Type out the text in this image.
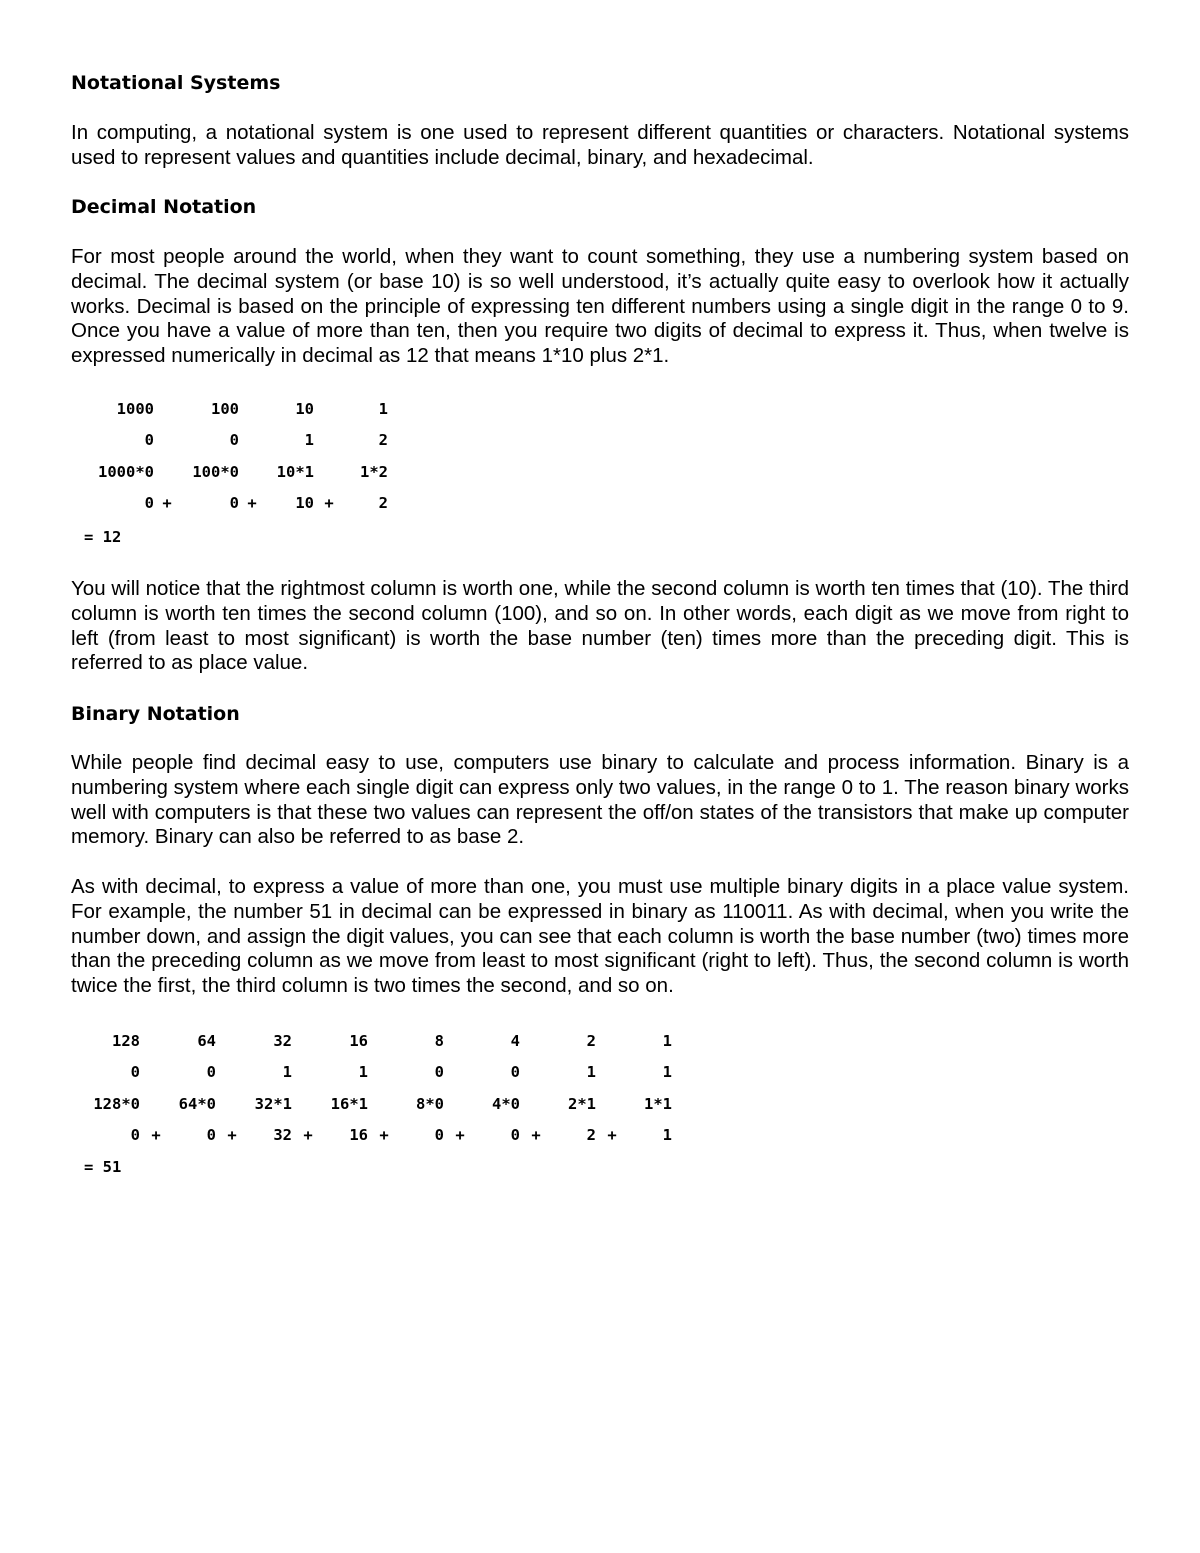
Notational Systems

In computing, a notational system is one used to represent different quantities or characters. Notational systems used to represent values and quantities include decimal, binary, and hexadecimal.

Decimal Notation

For most people around the world, when they want to count something, they use a numbering system based on decimal. The decimal system (or base 10) is so well understood, it’s actually quite easy to overlook how it actually works. Decimal is based on the principle of expressing ten different numbers using a single digit in the range 0 to 9. Once you have a value of more than ten, then you require two digits of decimal to express it. Thus, when twelve is expressed numerically in decimal as 12 that means 1*10 plus 2*1.

1000		100		10		1
0		0		1		2
1000*0		100*0		10*1		1*2
0	+	0	+	10	+	2
= 12

You will notice that the rightmost column is worth one, while the second column is worth ten times that (10). The third column is worth ten times the second column (100), and so on. In other words, each digit as we move from right to left (from least to most significant) is worth the base number (ten) times more than the preceding digit. This is referred to as place value.

Binary Notation

While people find decimal easy to use, computers use binary to calculate and process information. Binary is a numbering system where each single digit can express only two values, in the range 0 to 1. The reason binary works well with computers is that these two values can represent the off/on states of the transistors that make up computer memory. Binary can also be referred to as base 2.

As with decimal, to express a value of more than one, you must use multiple binary digits in a place value system. For example, the number 51 in decimal can be expressed in binary as 110011. As with decimal, when you write the number down, and assign the digit values, you can see that each column is worth the base number (two) times more than the preceding column as we move from least to most significant (right to left). Thus, the second column is worth twice the first, the third column is two times the second, and so on.

128		64		32		16		8		4		2		1
0		0		1		1		0		0		1		1
128*0		64*0		32*1		16*1		8*0		4*0		2*1		1*1
0	+	0	+	32	+	16	+	0	+	0	+	2	+	1
= 51
